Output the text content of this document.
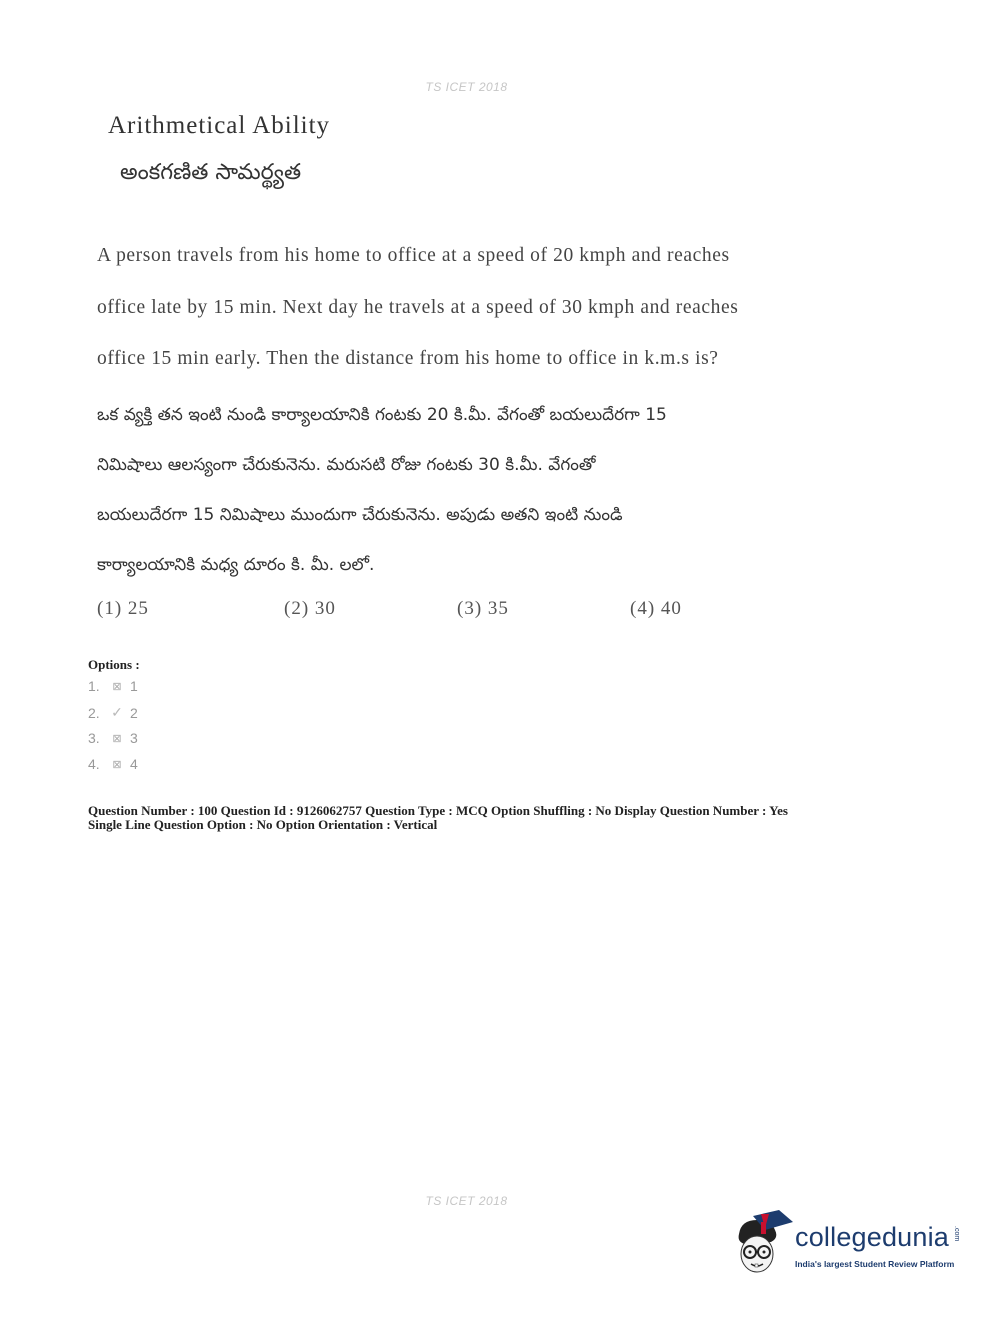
TS ICET 2018
Arithmetical Ability
అంకగణిత సామర్థ్యత
A person travels from his home to office at a speed of 20 kmph and reaches
office late by 15 min. Next day he travels at a speed of 30 kmph and reaches
office 15 min early. Then the distance from his home to office in k.m.s is?
ఒక వ్యక్తి తన ఇంటి నుండి కార్యాలయానికి గంటకు 20 కి.మీ. వేగంతో బయలుదేరగా 15
నిమిషాలు ఆలస్యంగా చేరుకునెను. మరుసటి రోజు గంటకు 30 కి.మీ. వేగంతో
బయలుదేరగా 15 నిమిషాలు ముందుగా చేరుకునెను. అపుడు అతని ఇంటి నుండి
కార్యాలయానికి మధ్య దూరం కి. మీ. లలో.
(1) 25	(2) 30	(3) 35	(4) 40
Options :
1.	⊠ 1
2. ✓ 2
3.	⊠ 3
4.	⊠ 4
Question Number : 100 Question Id : 9126062757 Question Type : MCQ Option Shuffling : No Display Question Number : Yes
Single Line Question Option : No Option Orientation : Vertical
TS ICET 2018
collegedunia .com
India's largest Student Review Platform
